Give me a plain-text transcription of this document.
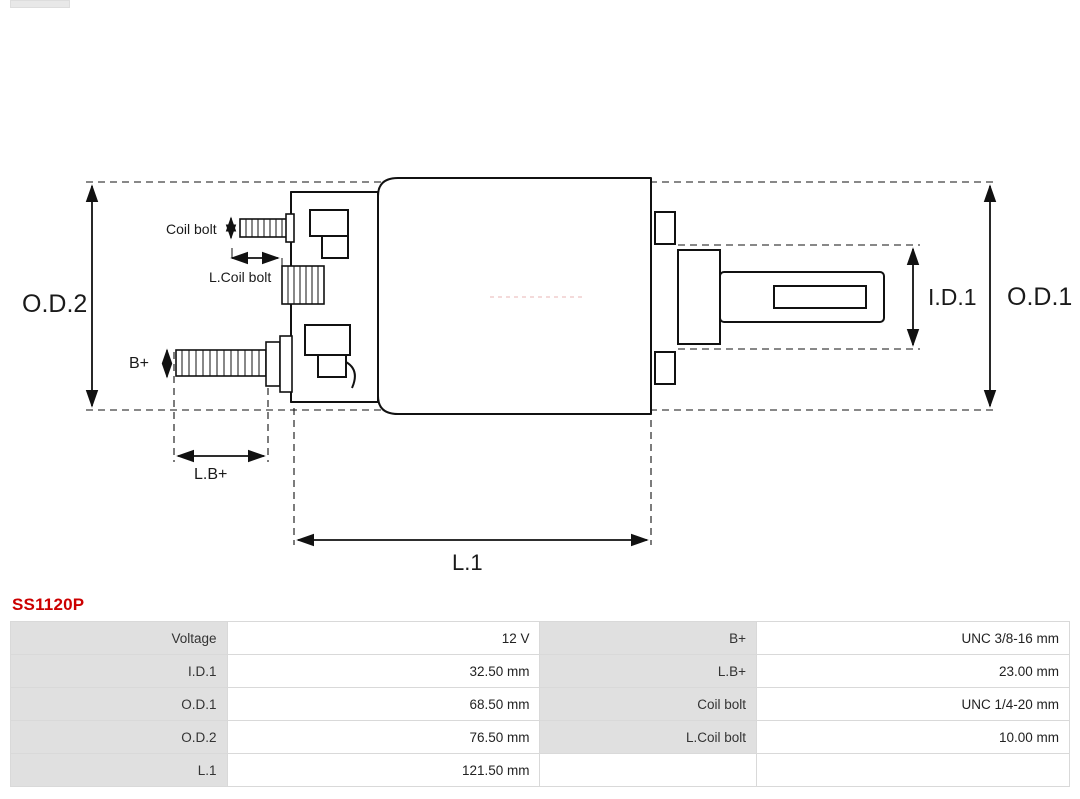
O.D.2	O.D.1
I.D.1
L.1
L.B+
B+
Coil bolt
L.Coil bolt
SS1120P
Voltage	12 V	B+	UNC 3/8-16 mm
I.D.1	32.50 mm	L.B+	23.00 mm
O.D.1	68.50 mm	Coil bolt	UNC 1/4-20 mm
O.D.2	76.50 mm	L.Coil bolt	10.00 mm
L.1	121.50 mm		
